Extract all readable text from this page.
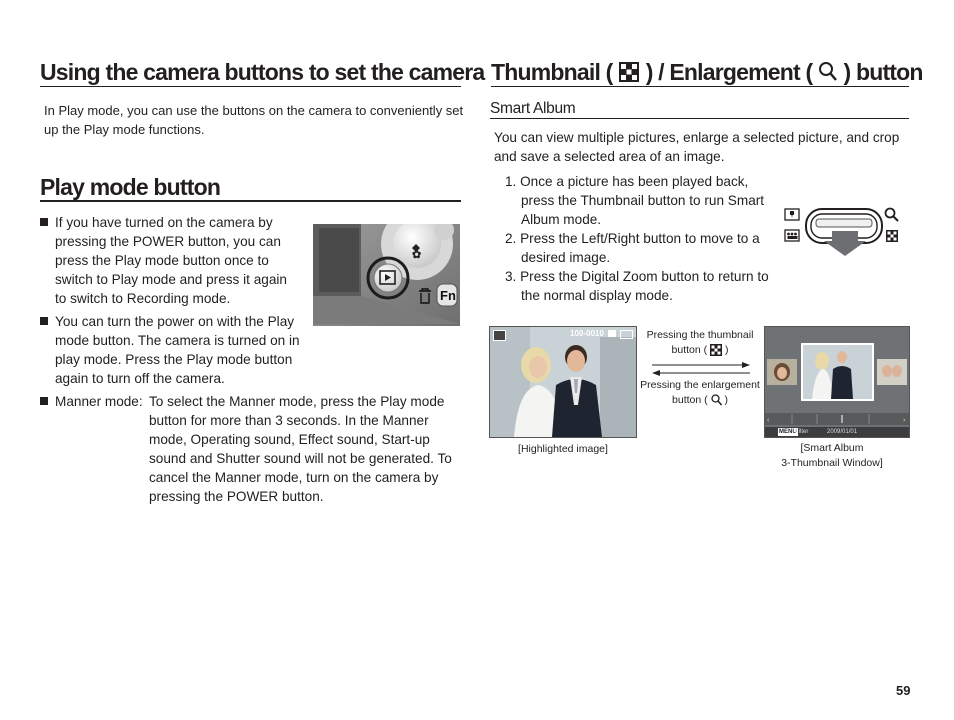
Using the camera buttons to set the camera
In Play mode, you can use the buttons on the camera to conveniently set up the Play mode functions.
Play mode button
✿
Fn
If you have turned on the camera by pressing the POWER button, you can press the Play mode button once to switch to Play mode and press it again to switch to Recording mode.
You can turn the power on with the Play mode button. The camera is turned on in play mode. Press the Play mode button again to turn off the camera.
Manner mode: To select the Manner mode, press the Play mode button for more than 3 seconds. In the Manner mode, Operating sound, Effect sound, Start-up sound and Shutter sound will not be generated. To cancel the Manner mode, turn on the camera by pressing the POWER button.
Thumbnail ( ) / Enlargement ( ) button
Smart Album
You can view multiple pictures, enlarge a selected picture, and crop and save a selected area of an image.
1. Once a picture has been played back, press the Thumbnail button to run Smart Album mode.
2. Press the Left/Right button to move to a desired image.
3. Press the Digital Zoom button to return to the normal display mode.
100-0010	Pressing the thumbnail button ( )
Pressing the enlargement button ( )
‹	›
MENU
Filter	2009/01/01
[Highlighted image]	[Smart Album
3-Thumbnail Window]
59
